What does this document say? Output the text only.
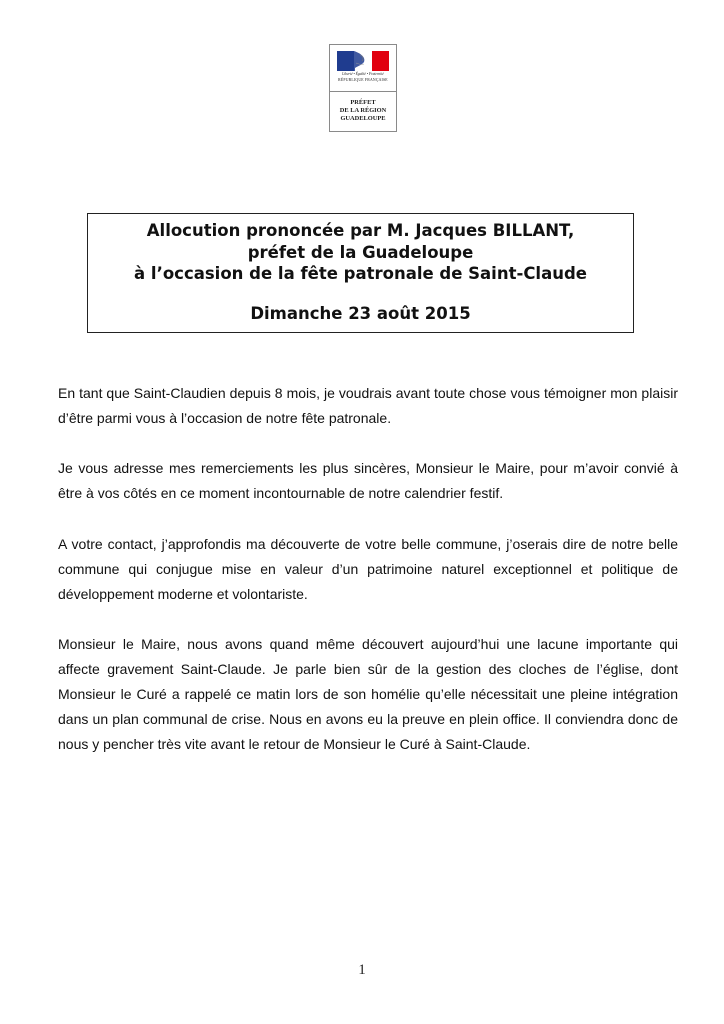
Liberté • Égalité • Fraternité
RÉPUBLIQUE FRANÇAISE
PRÉFET
DE LA RÉGION
GUADELOUPE
Allocution prononcée par M. Jacques BILLANT,
préfet de la Guadeloupe
à l’occasion de la fête patronale de Saint-Claude
Dimanche 23 août 2015
En tant que Saint-Claudien depuis 8 mois, je voudrais avant toute chose vous témoigner mon plaisir d’être parmi vous à l’occasion de notre fête patronale.
Je vous adresse mes remerciements les plus sincères, Monsieur le Maire, pour m’avoir convié à être à vos côtés en ce moment incontournable de notre calendrier festif.
A votre contact, j’approfondis ma découverte de votre belle commune, j’oserais dire de notre belle commune qui conjugue mise en valeur d’un patrimoine naturel exceptionnel et politique de développement moderne et volontariste.
Monsieur le Maire, nous avons quand même découvert aujourd’hui une lacune importante qui affecte gravement Saint-Claude. Je parle bien sûr de la gestion des cloches de l’église, dont Monsieur le Curé a rappelé ce matin lors de son homélie qu’elle nécessitait une pleine intégration dans un plan communal de crise. Nous en avons eu la preuve en plein office. Il conviendra donc de nous y pencher très vite avant le retour de Monsieur le Curé à Saint-Claude.
1
